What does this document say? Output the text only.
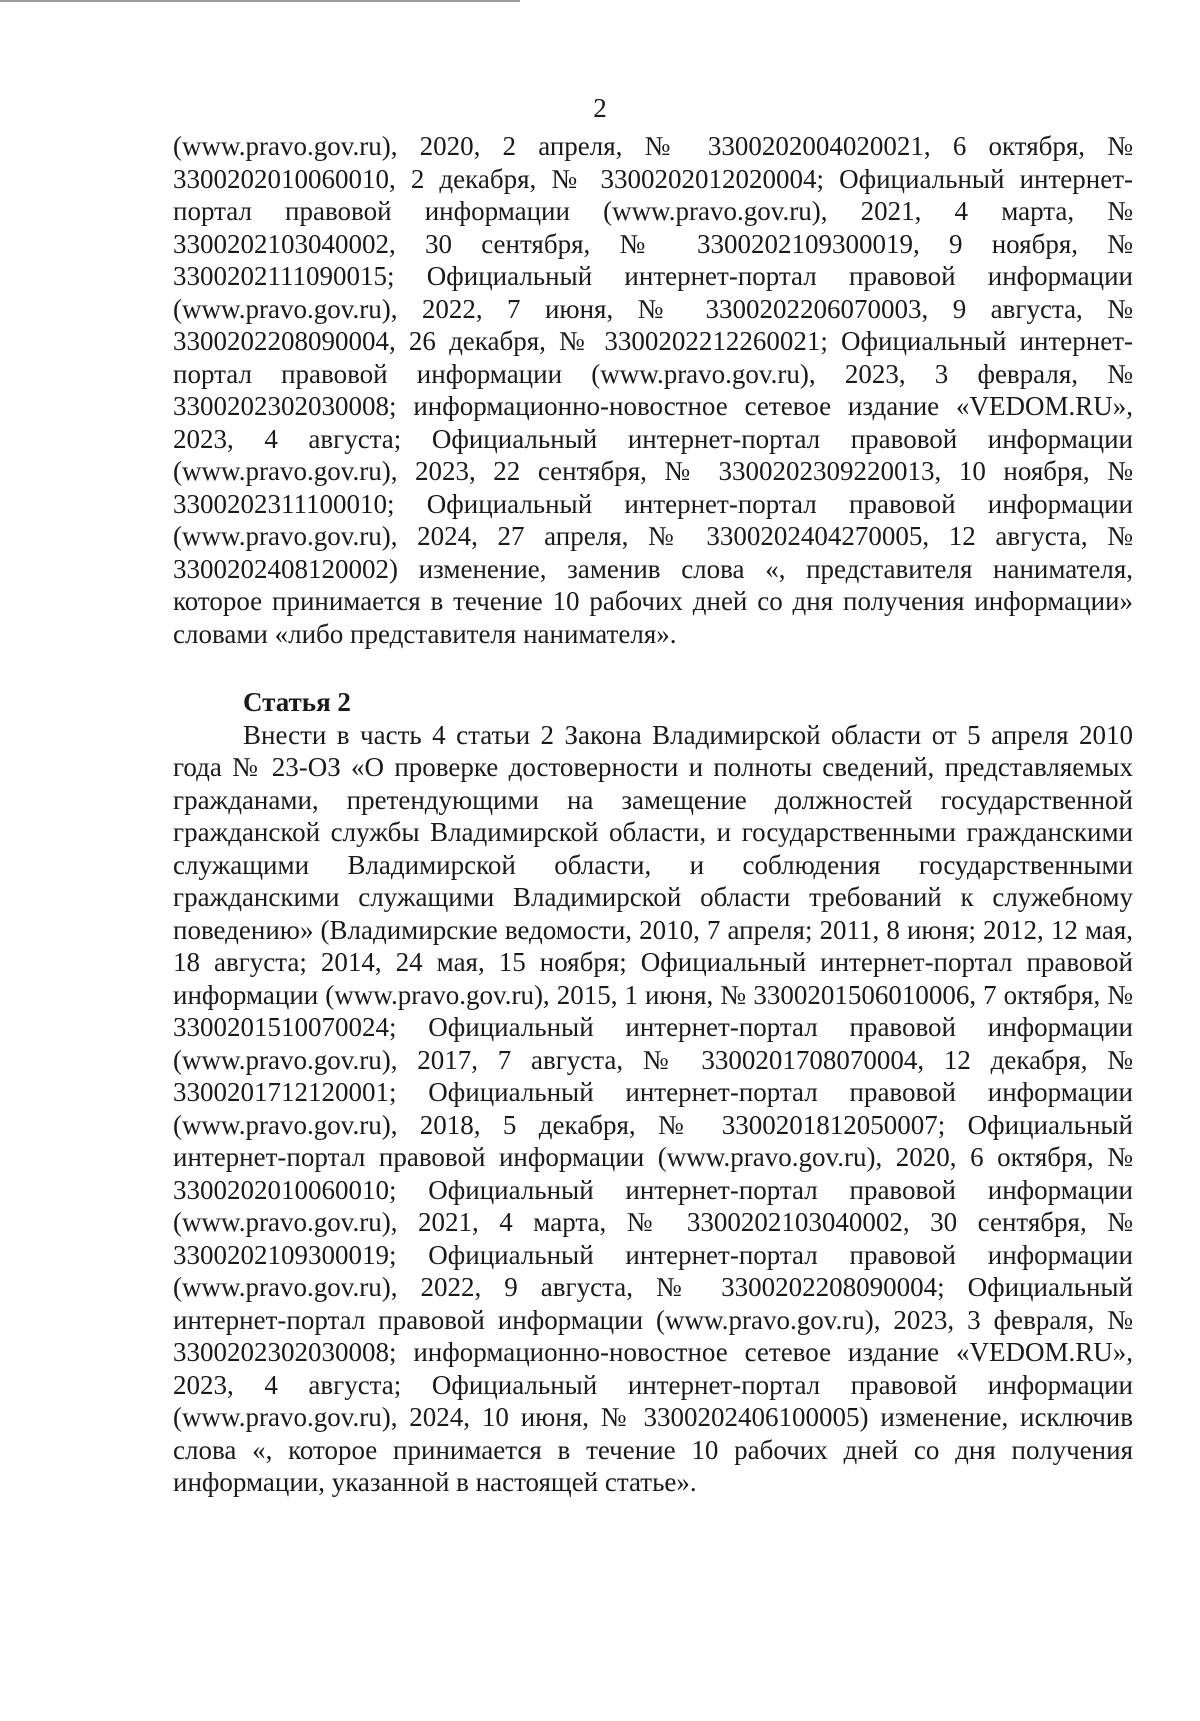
2

(www.pravo.gov.ru), 2020, 2 апреля, № 3300202004020021, 6 октября, № 3300202010060010, 2 декабря, № 3300202012020004; Официальный интернет-портал правовой информации (www.pravo.gov.ru), 2021, 4 марта, № 3300202103040002, 30 сентября, № 3300202109300019, 9 ноября, № 3300202111090015; Официальный интернет-портал правовой информации (www.pravo.gov.ru), 2022, 7 июня, № 3300202206070003, 9 августа, № 3300202208090004, 26 декабря, № 3300202212260021; Официальный интернет-портал правовой информации (www.pravo.gov.ru), 2023, 3 февраля, № 3300202302030008; информационно-новостное сетевое издание «VEDOM.RU», 2023, 4 августа; Официальный интернет-портал правовой информации (www.pravo.gov.ru), 2023, 22 сентября, № 3300202309220013, 10 ноября, № 3300202311100010; Официальный интернет-портал правовой информации (www.pravo.gov.ru), 2024, 27 апреля, № 3300202404270005, 12 августа, № 3300202408120002) изменение, заменив слова «, представителя нанимателя, которое принимается в течение 10 рабочих дней со дня получения информации» словами «либо представителя нанимателя».

Статья 2

Внести в часть 4 статьи 2 Закона Владимирской области от 5 апреля 2010 года № 23-ОЗ «О проверке достоверности и полноты сведений, представляемых гражданами, претендующими на замещение должностей государственной гражданской службы Владимирской области, и государственными гражданскими служащими Владимирской области, и соблюдения государственными гражданскими служащими Владимирской области требований к служебному поведению» (Владимирские ведомости, 2010, 7 апреля; 2011, 8 июня; 2012, 12 мая, 18 августа; 2014, 24 мая, 15 ноября; Официальный интернет-портал правовой информации (www.pravo.gov.ru), 2015, 1 июня, № 3300201506010006, 7 октября, № 3300201510070024; Официальный интернет-портал правовой информации (www.pravo.gov.ru), 2017, 7 августа, № 3300201708070004, 12 декабря, № 3300201712120001; Официальный интернет-портал правовой информации (www.pravo.gov.ru), 2018, 5 декабря, № 3300201812050007; Официальный интернет-портал правовой информации (www.pravo.gov.ru), 2020, 6 октября, № 3300202010060010; Официальный интернет-портал правовой информации (www.pravo.gov.ru), 2021, 4 марта, № 3300202103040002, 30 сентября, № 3300202109300019; Официальный интернет-портал правовой информации (www.pravo.gov.ru), 2022, 9 августа, № 3300202208090004; Официальный интернет-портал правовой информации (www.pravo.gov.ru), 2023, 3 февраля, № 3300202302030008; информационно-новостное сетевое издание «VEDOM.RU», 2023, 4 августа; Официальный интернет-портал правовой информации (www.pravo.gov.ru), 2024, 10 июня, № 3300202406100005) изменение, исключив слова «, которое принимается в течение 10 рабочих дней со дня получения информации, указанной в настоящей статье».
